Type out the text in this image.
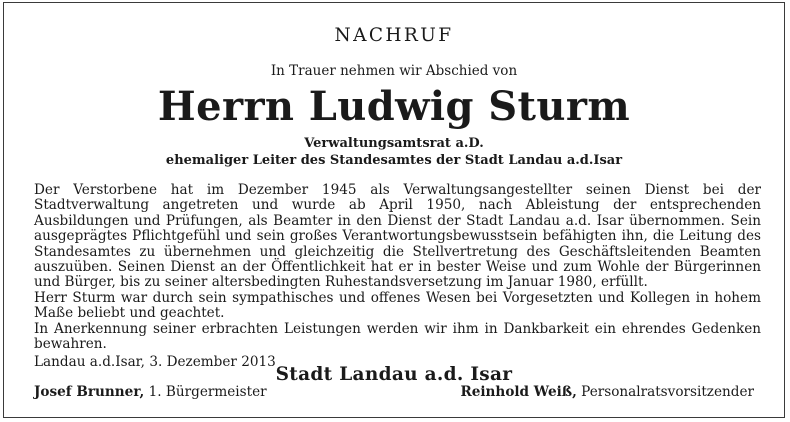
NACHRUF
In Trauer nehmen wir Abschied von
Herrn Ludwig Sturm
Verwaltungsamtsrat a.D.
ehemaliger Leiter des Standesamtes der Stadt Landau a.d.Isar

Der Verstorbene hat im Dezember 1945 als Verwaltungsangestellter seinen Dienst bei der Stadtverwaltung angetreten und wurde ab April 1950, nach Ableistung der entsprechenden Ausbildungen und Prüfungen, als Beamter in den Dienst der Stadt Landau a.d. Isar übernommen. Sein ausgeprägtes Pflichtgefühl und sein großes Verantwortungsbewusstsein befähigten ihn, die Leitung des Standesamtes zu übernehmen und gleichzeitig die Stellvertretung des Geschäftsleitenden Beamten auszuüben. Seinen Dienst an der Öffentlichkeit hat er in bester Weise und zum Wohle der Bürgerinnen und Bürger, bis zu seiner altersbedingten Ruhestandsversetzung im Januar 1980, erfüllt.

Herr Sturm war durch sein sympathisches und offenes Wesen bei Vorgesetzten und Kollegen in hohem Maße beliebt und geachtet.

In Anerkennung seiner erbrachten Leistungen werden wir ihm in Dankbarkeit ein ehrendes Gedenken bewahren.

Landau a.d.Isar, 3. Dezember 2013

Stadt Landau a.d. Isar
Josef Brunner, 1. Bürgermeister	Reinhold Weiß, Personalratsvorsitzender
